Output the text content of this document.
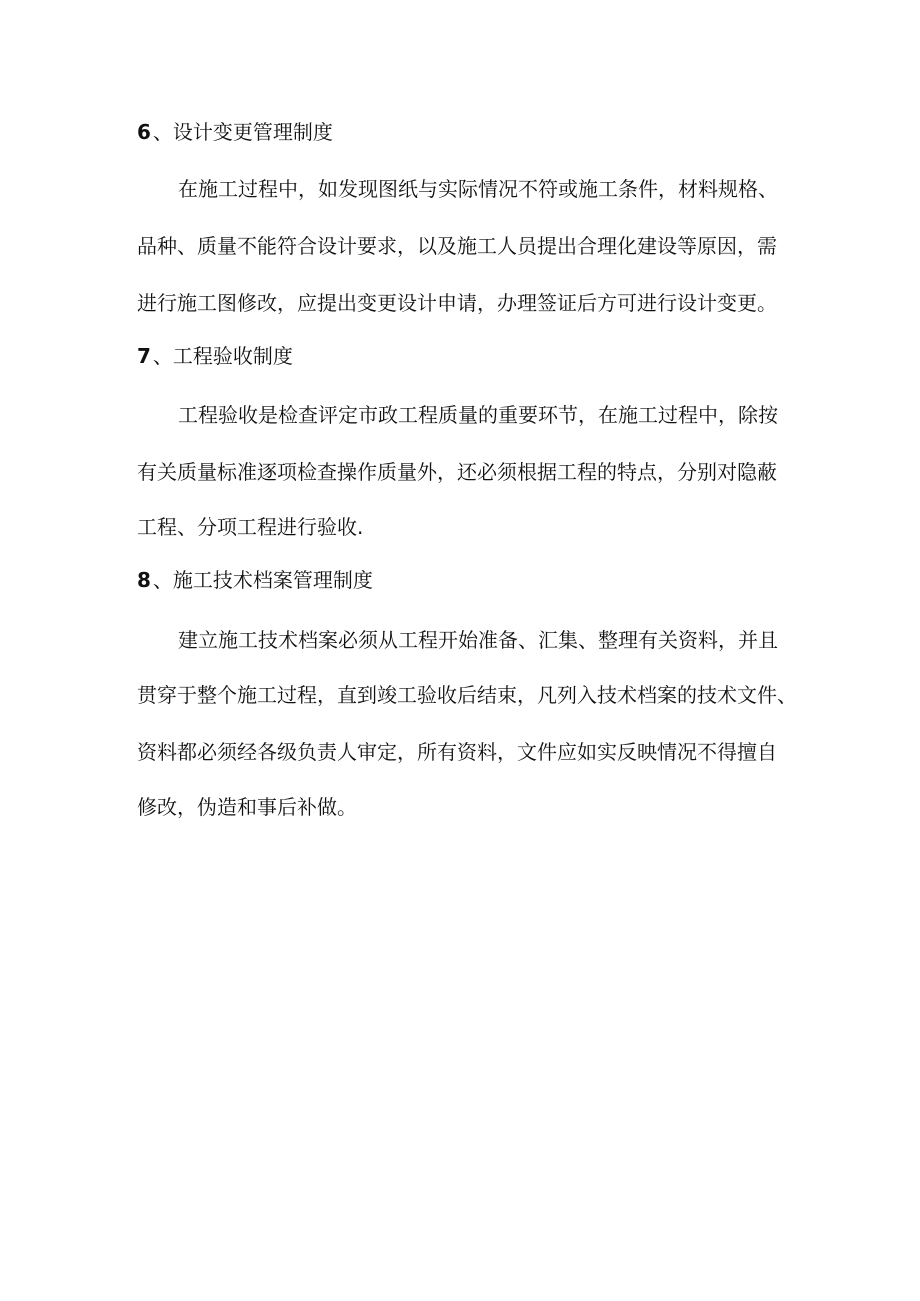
6 、设计变更管理制度
在施工过程中，如发现图纸与实际情况不符或施工条件，材料规格、
品种、质量不能符合设计要求，以及施工人员提出合理化建设等原因，需
进行施工图修改，应提出变更设计申请，办理签证后方可进行设计变更。
7 、工程验收制度
工程验收是检查评定市政工程质量的重要环节，在施工过程中，除按
有关质量标准逐项检查操作质量外，还必须根据工程的特点，分别对隐蔽
工程、分项工程进行验收.
8 、施工技术档案管理制度
建立施工技术档案必须从工程开始准备、汇集、整理有关资料，并且
贯穿于整个施工过程，直到竣工验收后结束，凡列入技术档案的技术文件、
资料都必须经各级负责人审定，所有资料，文件应如实反映情况不得擅自
修改，伪造和事后补做。
